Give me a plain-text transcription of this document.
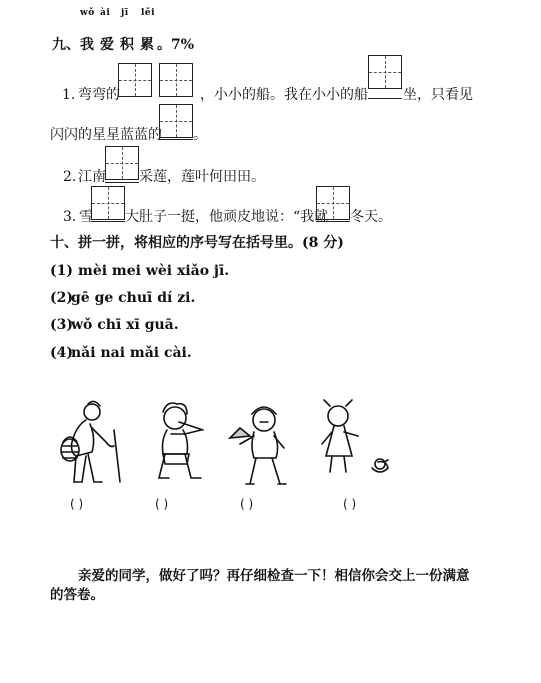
wǒ ài jī lěi
九、 我 爱 积 累 。7%
1. 弯弯的	，小小的船。我在小小的船	坐，只看见
闪闪的星星蓝蓝的 。
2. 江南 采莲，莲叶何田田。
3. 雪 大肚子一挺，他顽皮地说：“我就 冬天。
十、拼一拼，将相应的序号写在括号里。(8 分)
(1) mèi mei wèi xiǎo jī.
(2)
gē ge chuī dí zi.
(3)
wǒ chī xī guā.
(4)
nǎi nai mǎi cài.
( )	( )	( )	( )
亲爱的同学，做好了吗？再仔细检查一下！相信你会交上一份满意
的答卷。
